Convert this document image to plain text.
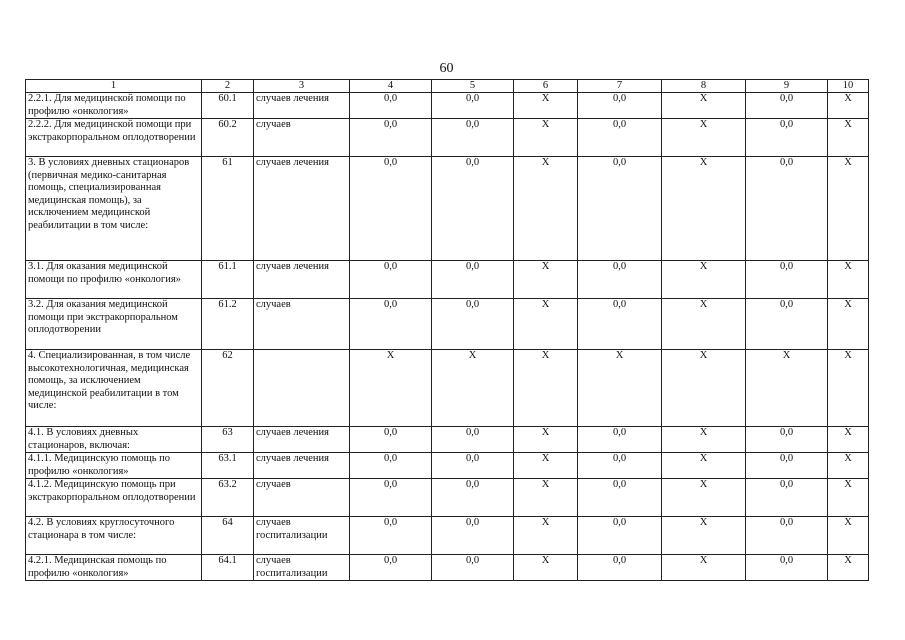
60
1	2	3	4	5	6	7	8	9	10
2.2.1. Для медицинской помощи по профилю «онкология»	60.1	случаев лечения	0,0	0,0	X	0,0	X	0,0	X
2.2.2. Для медицинской помощи при экстракорпоральном оплодотворении	60.2	случаев	0,0	0,0	X	0,0	X	0,0	X
3. В условиях дневных стационаров (первичная медико-санитарная помощь, специализированная медицинская помощь), за исключением медицинской реабилитации в том числе:	61	случаев лечения	0,0	0,0	X	0,0	X	0,0	X
3.1. Для оказания медицинской помощи по профилю «онкология»	61.1	случаев лечения	0,0	0,0	X	0,0	X	0,0	X
3.2. Для оказания медицинской помощи при экстракорпоральном оплодотворении	61.2	случаев	0,0	0,0	X	0,0	X	0,0	X
4. Специализированная, в том числе высокотехнологичная, медицинская помощь, за исключением медицинской реабилитации в том числе:	62		X	X	X	X	X	X	X
4.1. В условиях дневных стационаров, включая:	63	случаев лечения	0,0	0,0	X	0,0	X	0,0	X
4.1.1. Медицинскую помощь по профилю «онкология»	63.1	случаев лечения	0,0	0,0	X	0,0	X	0,0	X
4.1.2. Медицинскую помощь при экстракорпоральном оплодотворении	63.2	случаев	0,0	0,0	X	0,0	X	0,0	X
4.2. В условиях круглосуточного стационара в том числе:	64	случаев госпитализации	0,0	0,0	X	0,0	X	0,0	X
4.2.1. Медицинская помощь по профилю «онкология»	64.1	случаев госпитализации	0,0	0,0	X	0,0	X	0,0	X
